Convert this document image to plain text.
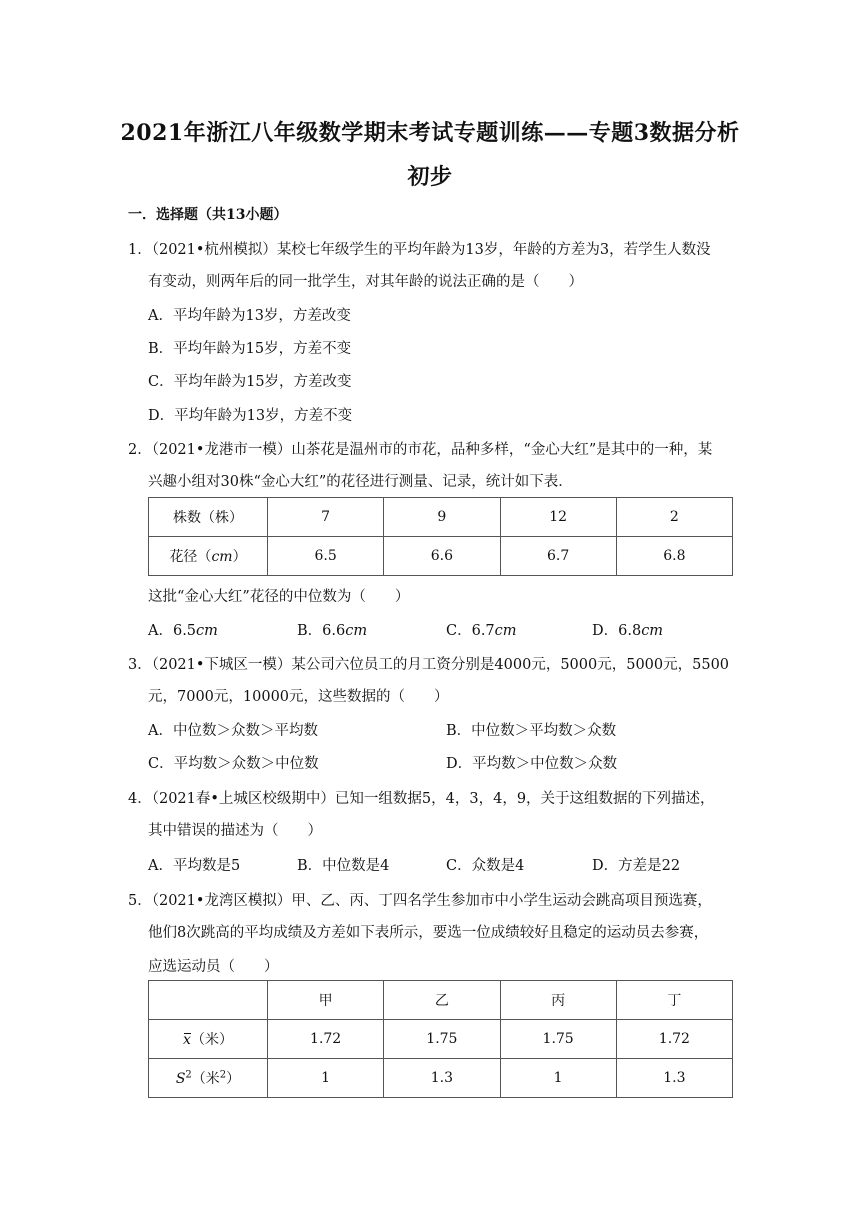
2021年浙江八年级数学期末考试专题训练——专题3数据分析
初步
一．选择题（共13小题）
1．（2021•杭州模拟）某校七年级学生的平均年龄为13岁，年龄的方差为3，若学生人数没
有变动，则两年后的同一批学生，对其年龄的说法正确的是（　　）
A．平均年龄为13岁，方差改变
B．平均年龄为15岁，方差不变
C．平均年龄为15岁，方差改变
D．平均年龄为13岁，方差不变
2．（2021•龙港市一模）山茶花是温州市的市花，品种多样，“金心大红”是其中的一种，某
兴趣小组对30株“金心大红”的花径进行测量、记录，统计如下表．
株数（株）	7	9	12	2
花径（cm）	6.5	6.6	6.7	6.8
这批“金心大红”花径的中位数为（　　）
A．6.5cm	B．6.6cm	C．6.7cm	D．6.8cm
3．（2021•下城区一模）某公司六位员工的月工资分别是4000元，5000元，5000元，5500
元，7000元，10000元，这些数据的（　　）
A．中位数＞众数＞平均数	B．中位数＞平均数＞众数
C．平均数＞众数＞中位数	D．平均数＞中位数＞众数
4．（2021春•上城区校级期中）已知一组数据5，4，3，4，9，关于这组数据的下列描述，
其中错误的描述为（　　）
A．平均数是5	B．中位数是4	C．众数是4	D．方差是22
5．（2021•龙湾区模拟）甲、乙、丙、丁四名学生参加市中小学生运动会跳高项目预选赛，
他们8次跳高的平均成绩及方差如下表所示，要选一位成绩较好且稳定的运动员去参赛，
应选运动员（　　）
	甲	乙	丙	丁
x（米）	1.72	1.75	1.75	1.72
$S^2$（米$^2$）	1	1.3	1	1.3
